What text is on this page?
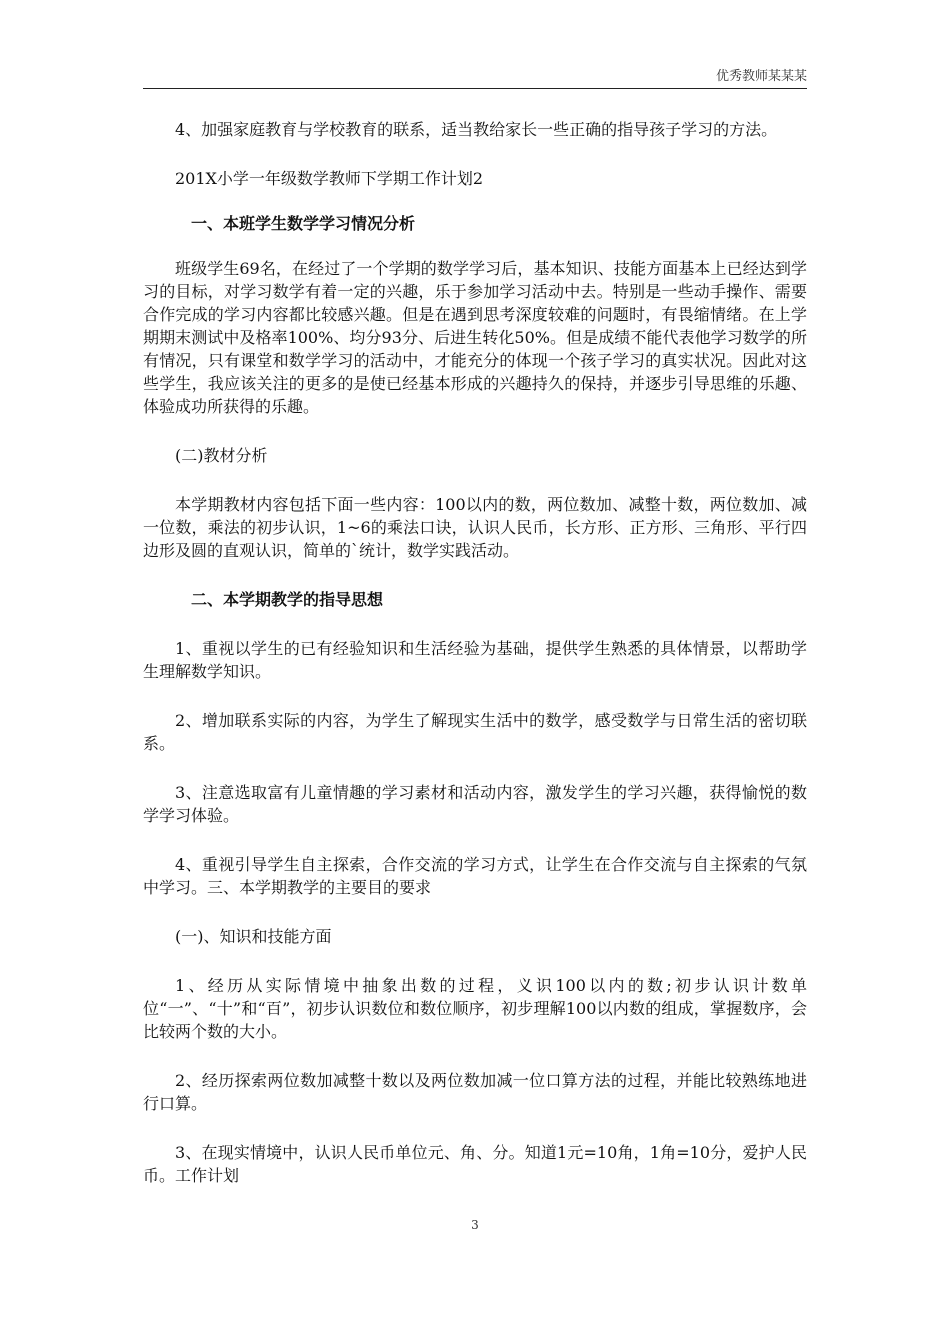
优秀教师某某某

4、加强家庭教育与学校教育的联系，适当教给家长一些正确的指导孩子学习的方法。

201X小学一年级数学教师下学期工作计划2

一、本班学生数学学习情况分析

班级学生69名，在经过了一个学期的数学学习后，基本知识、技能方面基本上已经达到学习的目标，对学习数学有着一定的兴趣，乐于参加学习活动中去。特别是一些动手操作、需要合作完成的学习内容都比较感兴趣。但是在遇到思考深度较难的问题时，有畏缩情绪。在上学期期末测试中及格率100%、均分93分、后进生转化50%。但是成绩不能代表他学习数学的所有情况，只有课堂和数学学习的活动中，才能充分的体现一个孩子学习的真实状况。因此对这些学生，我应该关注的更多的是使已经基本形成的兴趣持久的保持，并逐步引导思维的乐趣、体验成功所获得的乐趣。

(二)教材分析

本学期教材内容包括下面一些内容：100以内的数，两位数加、减整十数，两位数加、减一位数，乘法的初步认识，1~6的乘法口诀，认识人民币，长方形、正方形、三角形、平行四边形及圆的直观认识，简单的`统计，数学实践活动。

二、本学期教学的指导思想

1、重视以学生的已有经验知识和生活经验为基础，提供学生熟悉的具体情景，以帮助学生理解数学知识。

2、增加联系实际的内容，为学生了解现实生活中的数学，感受数学与日常生活的密切联系。

3、注意选取富有儿童情趣的学习素材和活动内容，激发学生的学习兴趣，获得愉悦的数学学习体验。

4、重视引导学生自主探索，合作交流的学习方式，让学生在合作交流与自主探索的气氛中学习。三、本学期教学的主要目的要求

(一)、知识和技能方面

1、经历从实际情境中抽象出数的过程，义识100以内的数;初步认识计数单位“一”、“十”和“百”，初步认识数位和数位顺序，初步理解100以内数的组成，掌握数序，会比较两个数的大小。

2、经历探索两位数加减整十数以及两位数加减一位口算方法的过程，并能比较熟练地进行口算。

3、在现实情境中，认识人民币单位元、角、分。知道1元=10角，1角=10分，爱护人民币。工作计划

3
